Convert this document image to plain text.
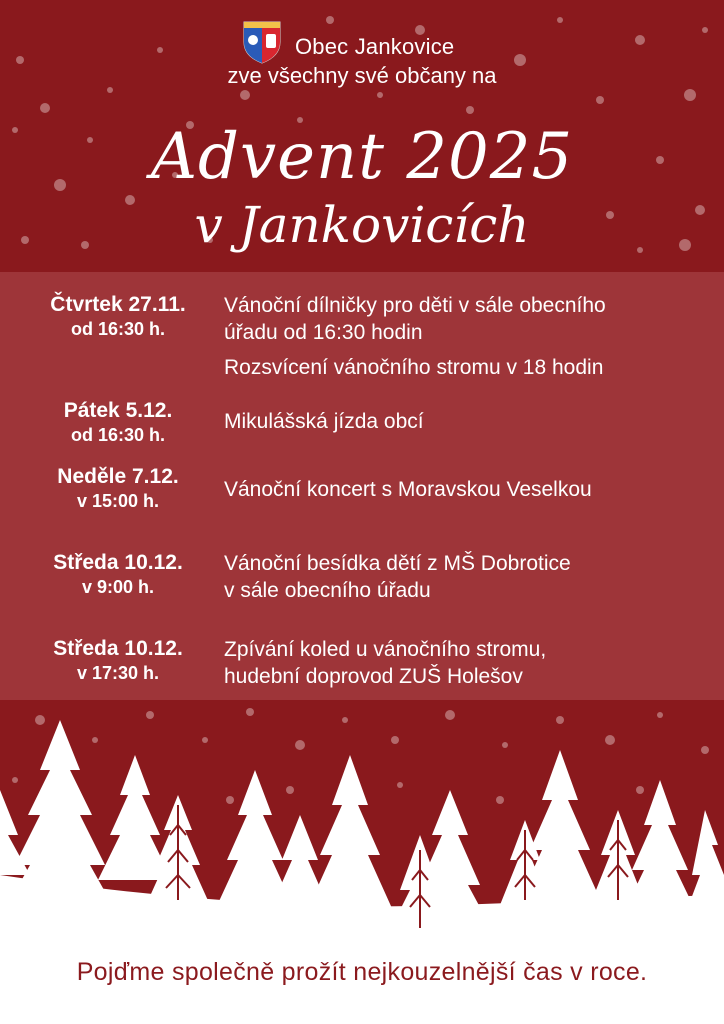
Obec Jankovice
zve všechny své občany na
Advent 2025
v Jankovicích
Čtvrtek 27.11.
od 16:30 h.
Vánoční dílničky pro děti v sále obecního
úřadu od 16:30 hodin
Rozsvícení vánočního stromu v 18 hodin
Pátek 5.12.
od 16:30 h.
Mikulášská jízda obcí
Neděle 7.12.
v 15:00 h.	Vánoční koncert s Moravskou Veselkou
Středa 10.12.
v 9:00 h.
Vánoční besídka dětí z MŠ Dobrotice
v sále obecního úřadu
Středa 10.12.
v 17:30 h.
Zpívání koled u vánočního stromu,
hudební doprovod ZUŠ Holešov
Pojďme společně prožít nejkouzelnější čas v roce.
